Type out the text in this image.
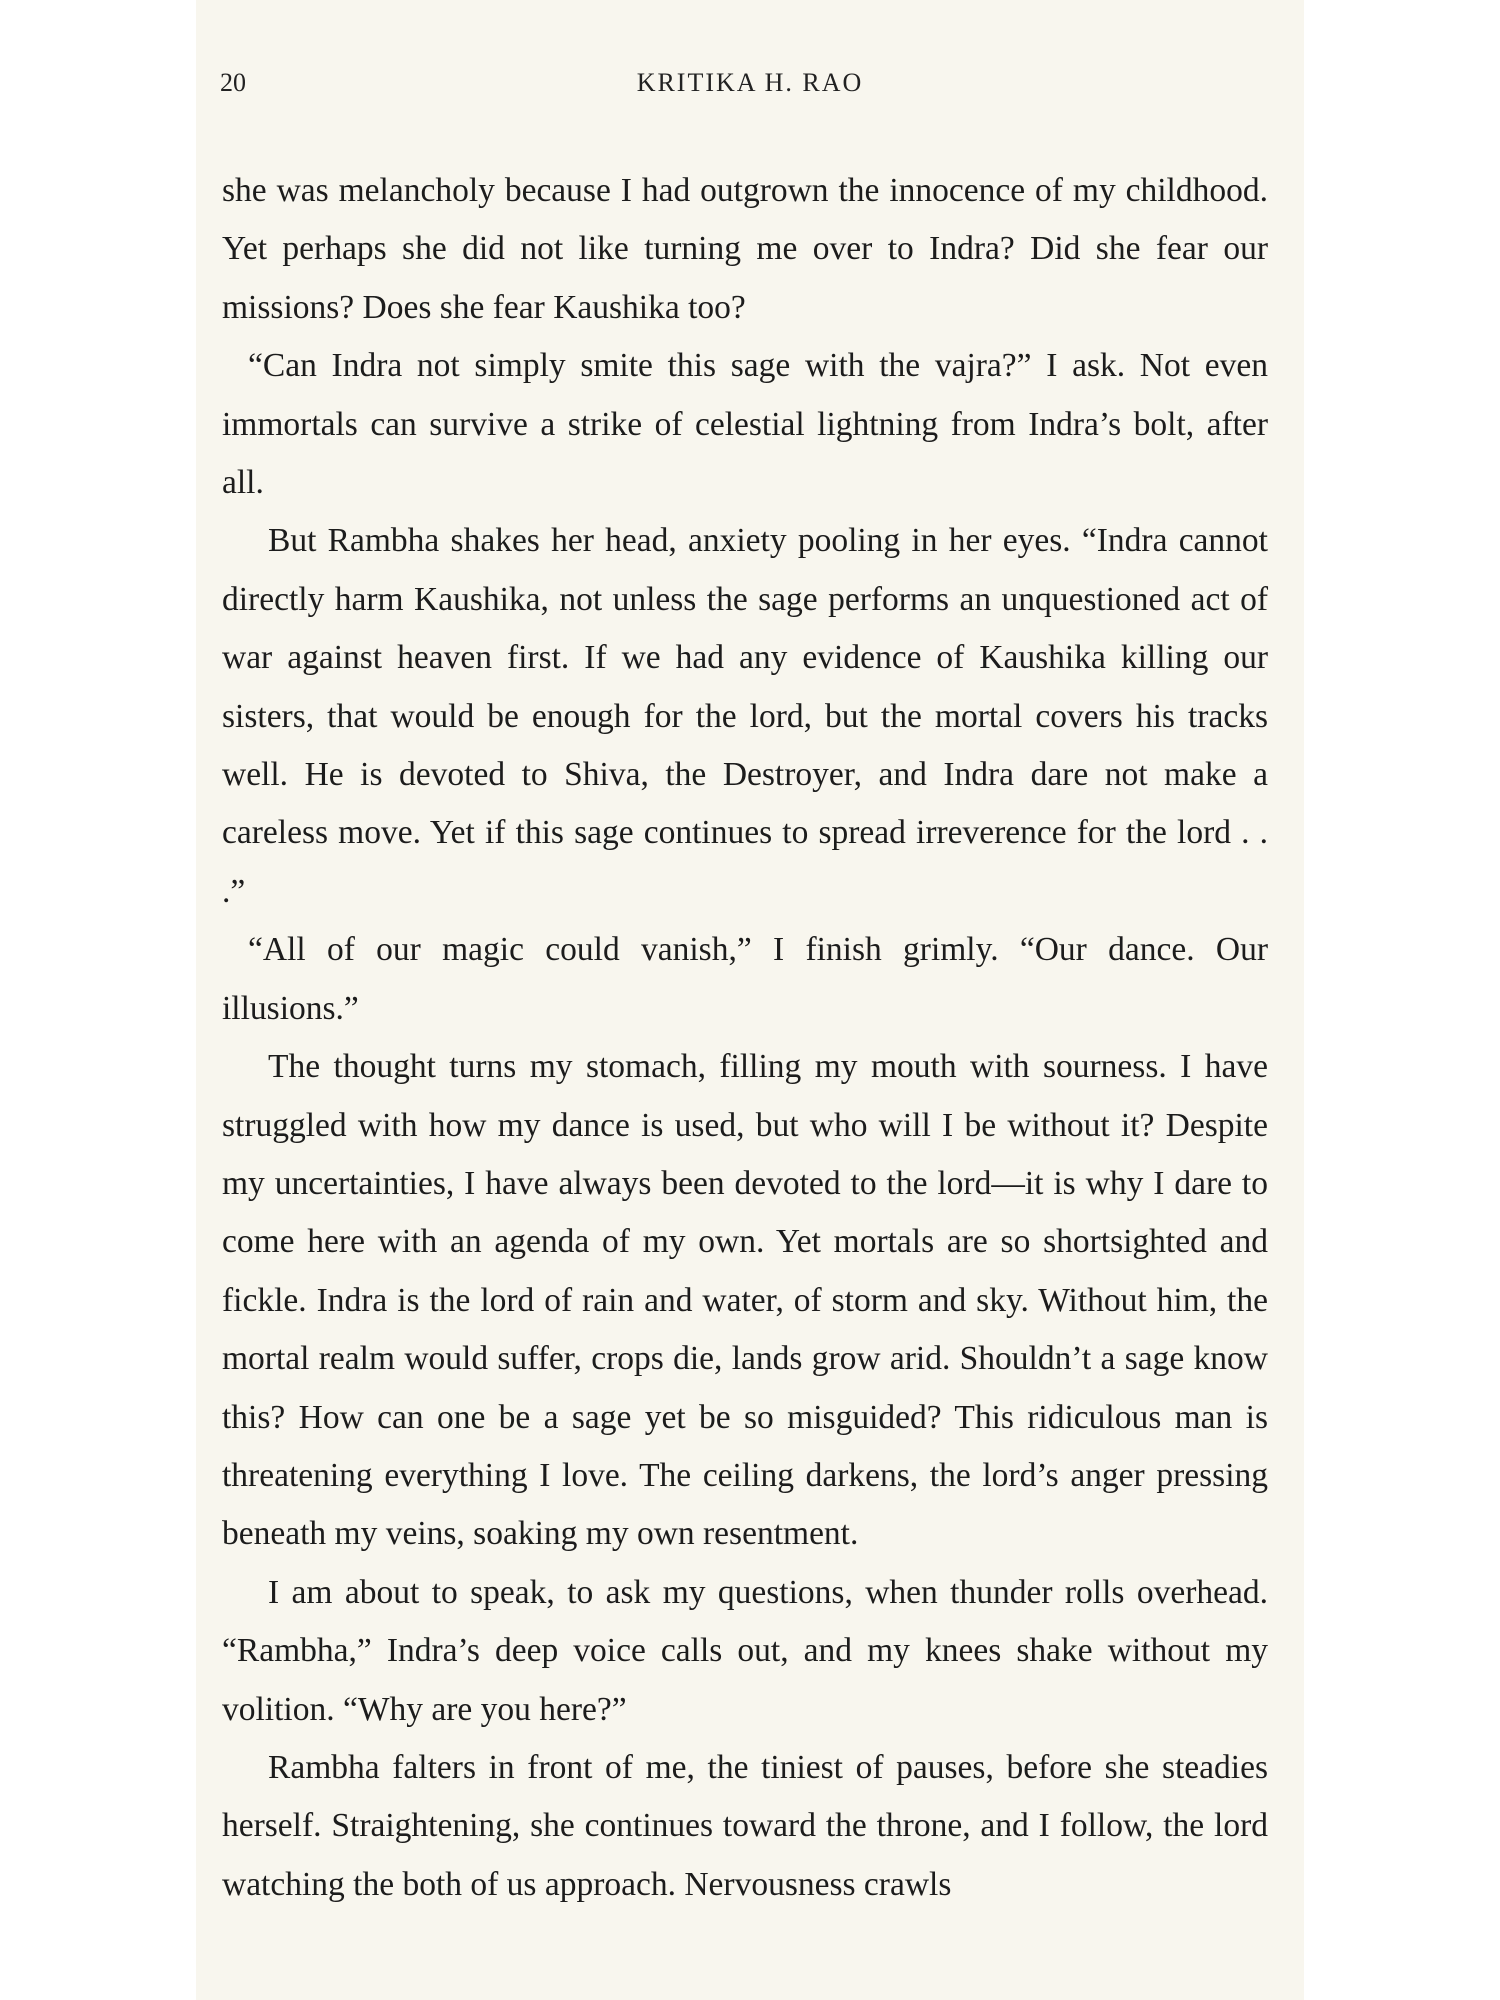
20	KRITIKA H. RAO

she was melancholy because I had outgrown the innocence of my childhood. Yet perhaps she did not like turning me over to Indra? Did she fear our missions? Does she fear Kaushika too?

“Can Indra not simply smite this sage with the vajra?” I ask. Not even immortals can survive a strike of celestial lightning from Indra’s bolt, after all.

But Rambha shakes her head, anxiety pooling in her eyes. “Indra cannot directly harm Kaushika, not unless the sage performs an unquestioned act of war against heaven first. If we had any evidence of Kaushika killing our sisters, that would be enough for the lord, but the mortal covers his tracks well. He is devoted to Shiva, the Destroyer, and Indra dare not make a careless move. Yet if this sage continues to spread irreverence for the lord . . .”

“All of our magic could vanish,” I finish grimly. “Our dance. Our illusions.”

The thought turns my stomach, filling my mouth with sourness. I have struggled with how my dance is used, but who will I be without it? Despite my uncertainties, I have always been devoted to the lord—it is why I dare to come here with an agenda of my own. Yet mortals are so shortsighted and fickle. Indra is the lord of rain and water, of storm and sky. Without him, the mortal realm would suffer, crops die, lands grow arid. Shouldn’t a sage know this? How can one be a sage yet be so misguided? This ridiculous man is threatening everything I love. The ceiling darkens, the lord’s anger pressing beneath my veins, soaking my own resentment.

I am about to speak, to ask my questions, when thunder rolls overhead. “Rambha,” Indra’s deep voice calls out, and my knees shake without my volition. “Why are you here?”

Rambha falters in front of me, the tiniest of pauses, before she steadies herself. Straightening, she continues toward the throne, and I follow, the lord watching the both of us approach. Nervousness crawls
